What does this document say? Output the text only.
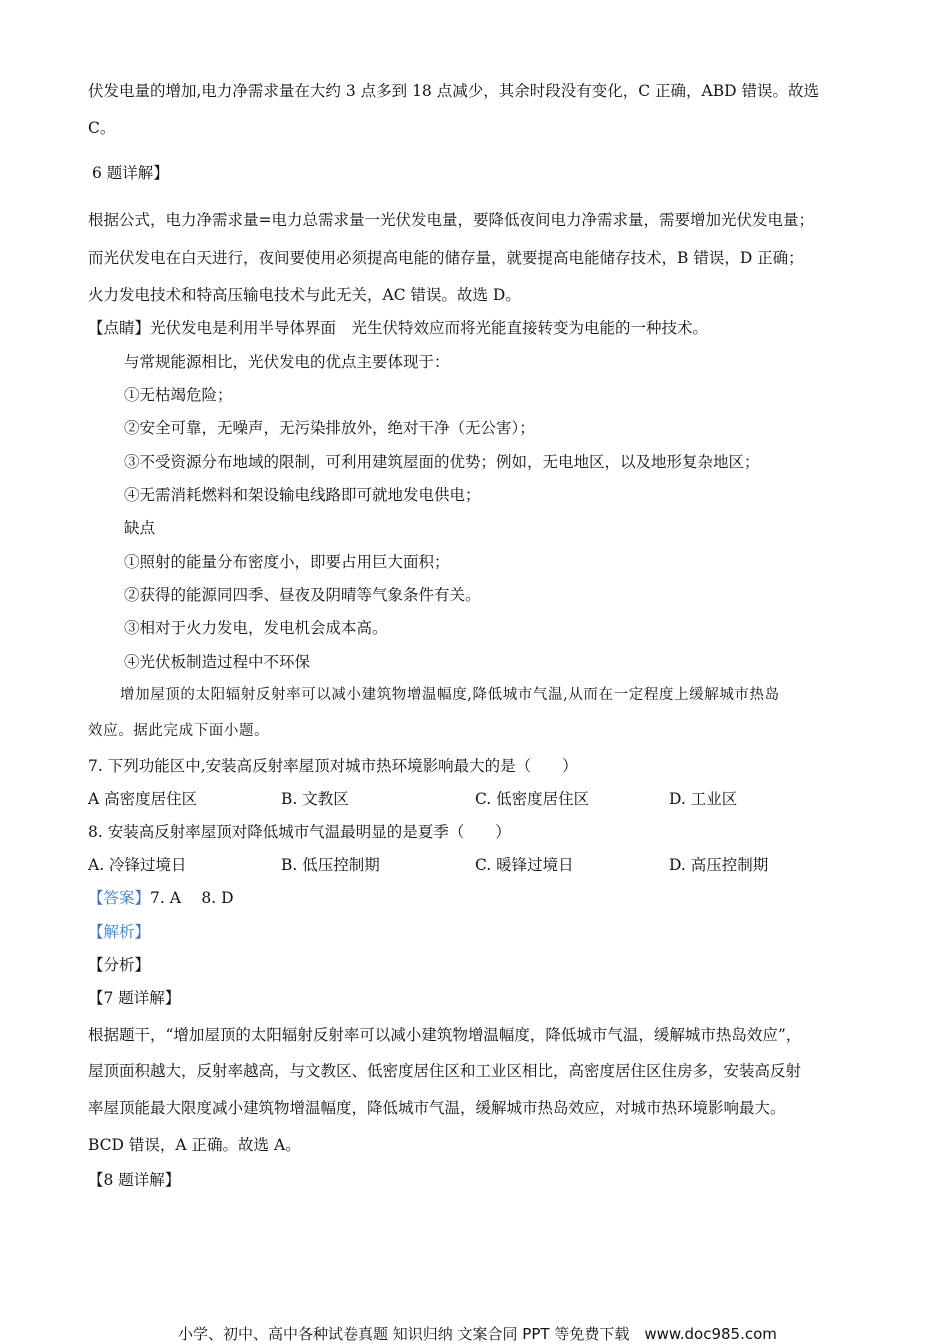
伏发电量的增加,电力净需求量在大约 3 点多到 18 点减少，其余时段没有变化，C 正确，ABD 错误。故选
C。
6 题详解】
根据公式，电力净需求量=电力总需求量一光伏发电量，要降低夜间电力净需求量，需要增加光伏发电量；
而光伏发电在白天进行，夜间要使用必须提高电能的储存量，就要提高电能储存技术，B 错误，D 正确；
火力发电技术和特高压输电技术与此无关，AC 错误。故选 D。
【点睛】光伏发电是利用半导体界面　光生伏特效应而将光能直接转变为电能的一种技术。
与常规能源相比，光伏发电的优点主要体现于：
①无枯竭危险；
②安全可靠，无噪声，无污染排放外，绝对干净（无公害）；
③不受资源分布地域的限制，可利用建筑屋面的优势；例如，无电地区，以及地形复杂地区；
④无需消耗燃料和架设输电线路即可就地发电供电；
缺点
①照射的能量分布密度小，即要占用巨大面积；
②获得的能源同四季、昼夜及阴晴等气象条件有关。
③相对于火力发电，发电机会成本高。
④光伏板制造过程中不环保
增加屋顶的太阳辐射反射率可以减小建筑物增温幅度,降低城市气温,从而在一定程度上缓解城市热岛
效应。据此完成下面小题。
7. 下列功能区中,安装高反射率屋顶对城市热环境影响最大的是（　　）
A 高密度居住区	B. 文教区	C. 低密度居住区	D. 工业区
8. 安装高反射率屋顶对降低城市气温最明显的是夏季（　　）
A. 冷锋过境日	B. 低压控制期	C. 暖锋过境日	D. 高压控制期
【答案】7. A　 8. D
【解析】
【分析】
【7 题详解】
根据题干，“增加屋顶的太阳辐射反射率可以减小建筑物增温幅度，降低城市气温，缓解城市热岛效应”，
屋顶面积越大，反射率越高，与文教区、低密度居住区和工业区相比，高密度居住区住房多，安装高反射
率屋顶能最大限度减小建筑物增温幅度，降低城市气温，缓解城市热岛效应，对城市热环境影响最大。
BCD 错误，A 正确。故选 A。
【8 题详解】
小学、初中、高中各种试卷真题 知识归纳 文案合同 PPT 等免费下载　www.doc985.com
